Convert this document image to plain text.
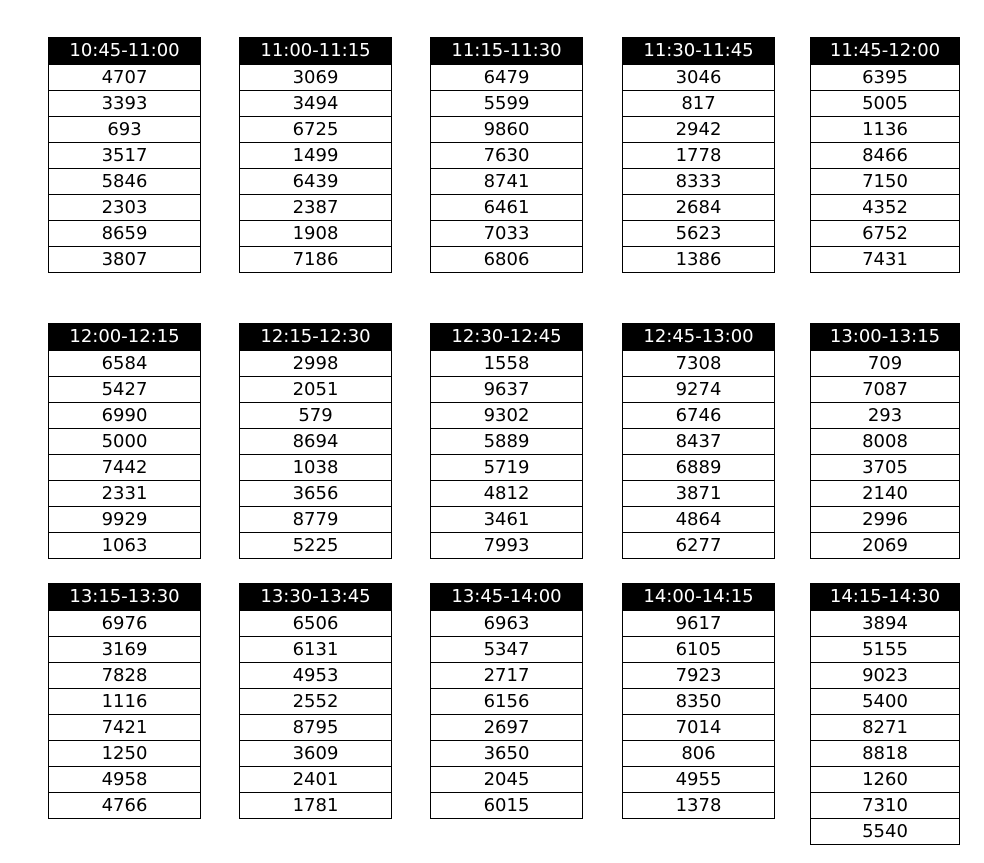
10:45-11:00
4707
3393
693
3517
5846
2303
8659
3807
11:00-11:15
3069
3494
6725
1499
6439
2387
1908
7186
11:15-11:30
6479
5599
9860
7630
8741
6461
7033
6806
11:30-11:45
3046
817
2942
1778
8333
2684
5623
1386
11:45-12:00
6395
5005
1136
8466
7150
4352
6752
7431
12:00-12:15
6584
5427
6990
5000
7442
2331
9929
1063
12:15-12:30
2998
2051
579
8694
1038
3656
8779
5225
12:30-12:45
1558
9637
9302
5889
5719
4812
3461
7993
12:45-13:00
7308
9274
6746
8437
6889
3871
4864
6277
13:00-13:15
709
7087
293
8008
3705
2140
2996
2069
13:15-13:30
6976
3169
7828
1116
7421
1250
4958
4766
13:30-13:45
6506
6131
4953
2552
8795
3609
2401
1781
13:45-14:00
6963
5347
2717
6156
2697
3650
2045
6015
14:00-14:15
9617
6105
7923
8350
7014
806
4955
1378
14:15-14:30
3894
5155
9023
5400
8271
8818
1260
7310
5540
